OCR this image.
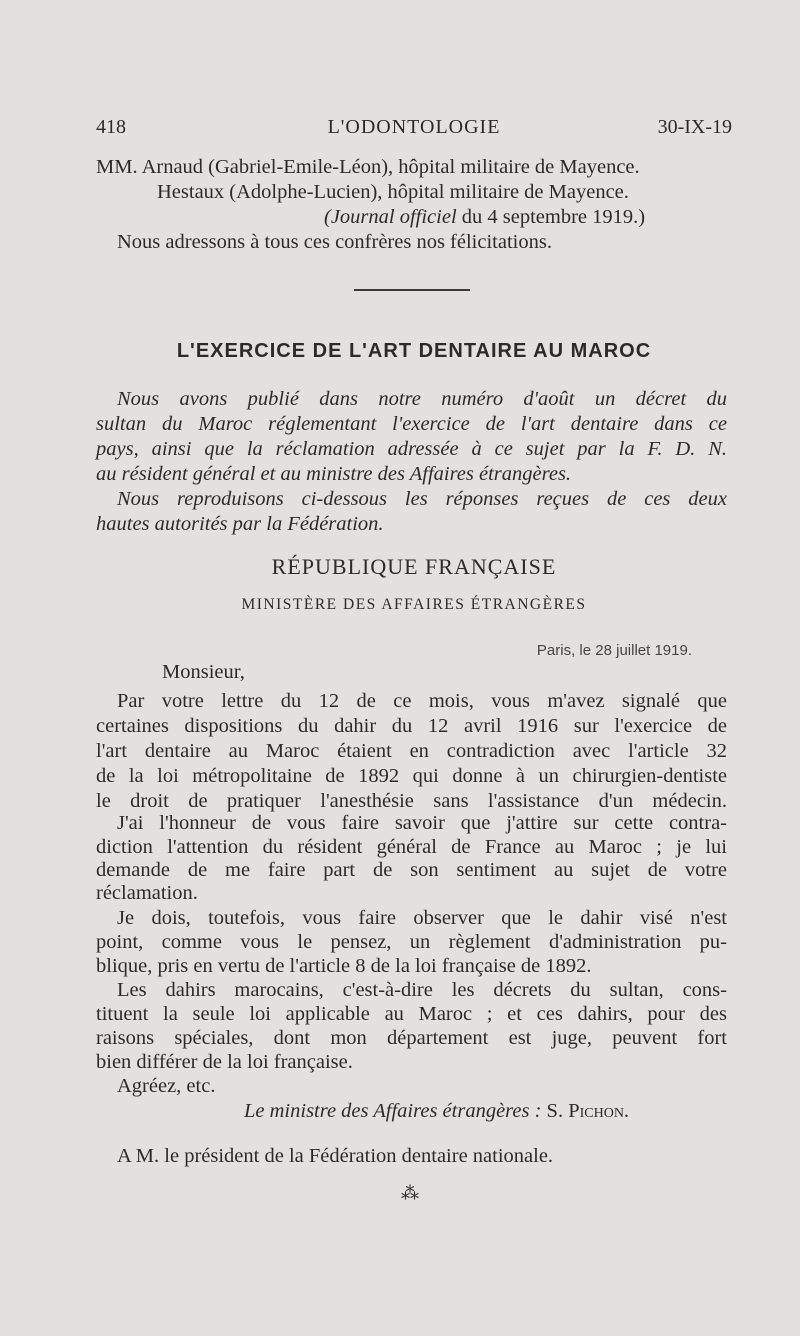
418	L'ODONTOLOGIE	30-IX-19
MM. Arnaud (Gabriel-Emile-Léon), hôpital militaire de Mayence.
Hestaux (Adolphe-Lucien), hôpital militaire de Mayence.
(Journal officiel du 4 septembre 1919.)
Nous adressons à tous ces confrères nos félicitations.
L'EXERCICE DE L'ART DENTAIRE AU MAROC
Nous avons publié dans notre numéro d'août un décret du
sultan du Maroc réglementant l'exercice de l'art dentaire dans ce
pays, ainsi que la réclamation adressée à ce sujet par la F. D. N.
au résident général et au ministre des Affaires étrangères.
Nous reproduisons ci-dessous les réponses reçues de ces deux
hautes autorités par la Fédération.
RÉPUBLIQUE FRANÇAISE
MINISTÈRE DES AFFAIRES ÉTRANGÈRES
Paris, le 28 juillet 1919.
Monsieur,
Par votre lettre du 12 de ce mois, vous m'avez signalé que
certaines dispositions du dahir du 12 avril 1916 sur l'exercice de
l'art dentaire au Maroc étaient en contradiction avec l'article 32
de la loi métropolitaine de 1892 qui donne à un chirurgien-dentiste
le droit de pratiquer l'anesthésie sans l'assistance d'un médecin.
J'ai l'honneur de vous faire savoir que j'attire sur cette contra-
diction l'attention du résident général de France au Maroc ; je lui
demande de me faire part de son sentiment au sujet de votre
réclamation.
Je dois, toutefois, vous faire observer que le dahir visé n'est
point, comme vous le pensez, un règlement d'administration pu-
blique, pris en vertu de l'article 8 de la loi française de 1892.
Les dahirs marocains, c'est-à-dire les décrets du sultan, cons-
tituent la seule loi applicable au Maroc ; et ces dahirs, pour des
raisons spéciales, dont mon département est juge, peuvent fort
bien différer de la loi française.
Agréez, etc.
Le ministre des Affaires étrangères : S. Pichon.
A M. le président de la Fédération dentaire nationale.
⁂
